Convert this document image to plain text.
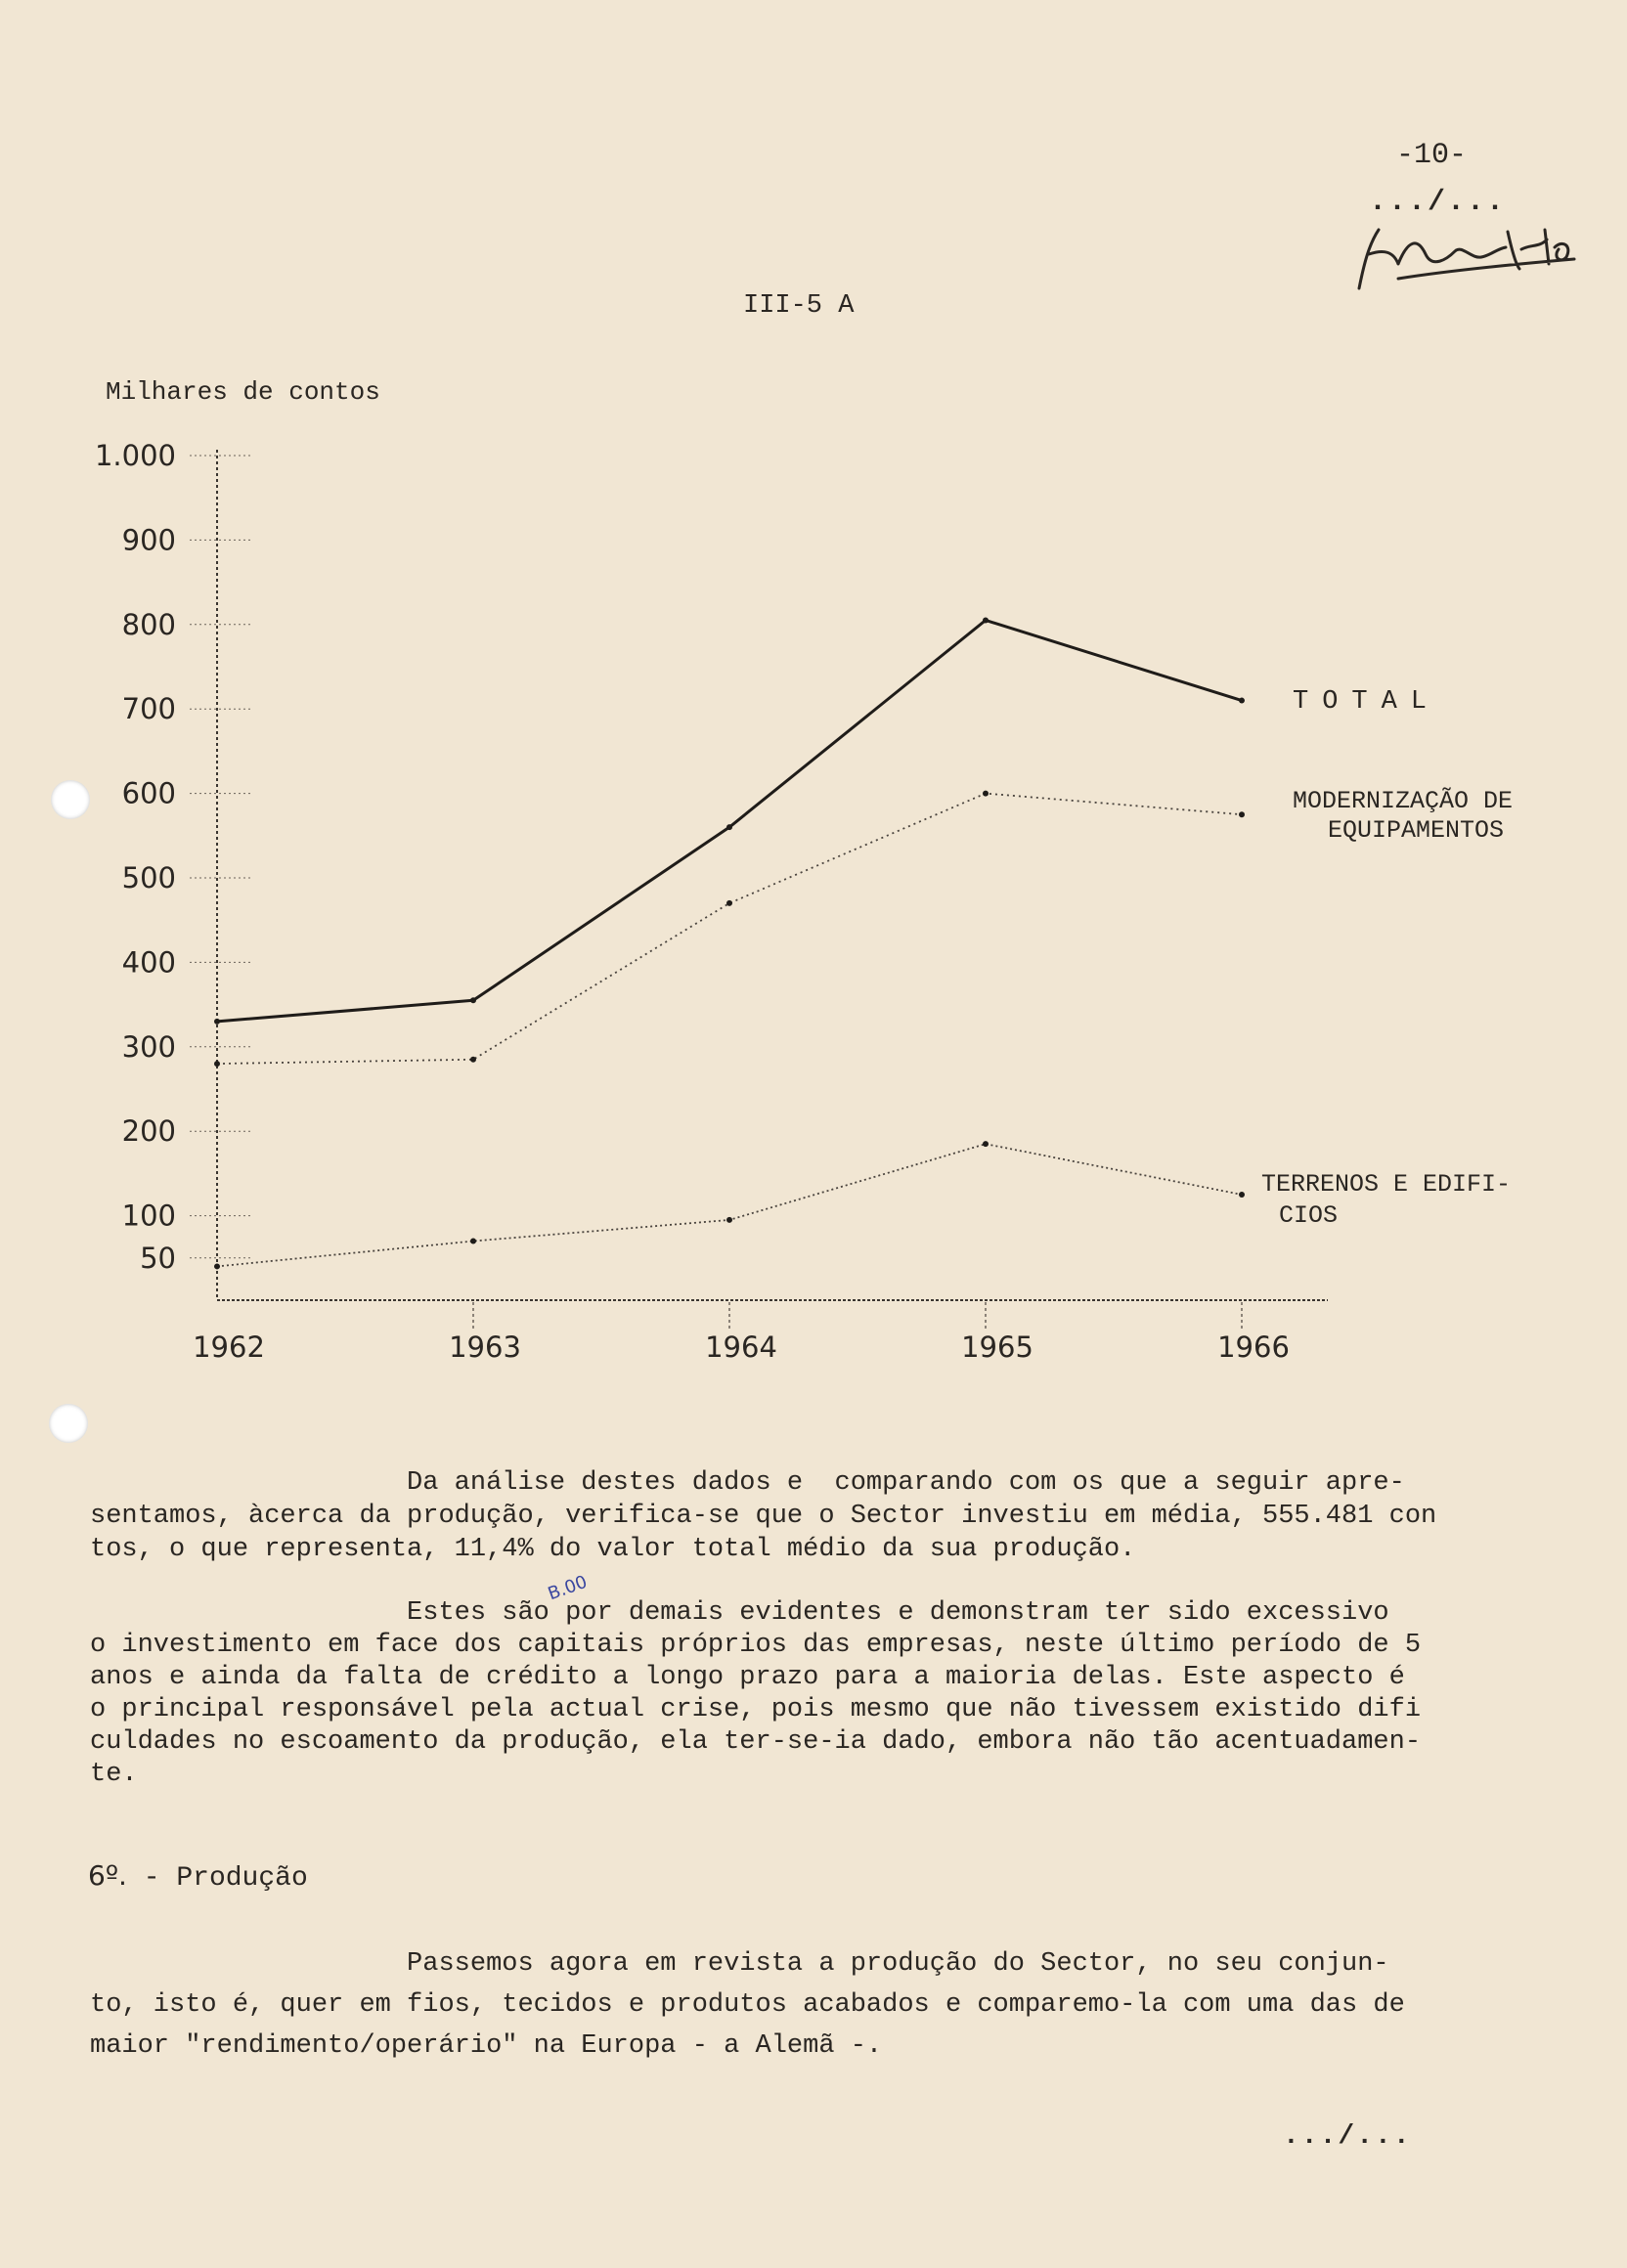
-10-
.../...
III-5 A
Milhares de contos
50
100
200
300
400
500
600
700
800
900
1.000
1962	1963	1964	1965	1966
TOTAL
MODERNIZAÇÃO DE
EQUIPAMENTOS
TERRENOS E EDIFI-
CIOS
Da análise destes dados e  comparando com os que a seguir apre-
sentamos, àcerca da produção, verifica-se que o Sector investiu em média, 555.481 con
tos, o que representa, 11,4% do valor total médio da sua produção.
B.00
Estes são por demais evidentes e demonstram ter sido excessivo
o investimento em face dos capitais próprios das empresas, neste último período de 5
anos e ainda da falta de crédito a longo prazo para a maioria delas. Este aspecto é
o principal responsável pela actual crise, pois mesmo que não tivessem existido difi
culdades no escoamento da produção, ela ter-se-ia dado, embora não tão acentuadamen-
te.
6º. - Produção
Passemos agora em revista a produção do Sector, no seu conjun-
to, isto é, quer em fios, tecidos e produtos acabados e comparemo-la com uma das de
maior "rendimento/operário" na Europa - a Alemã -.
.../...
